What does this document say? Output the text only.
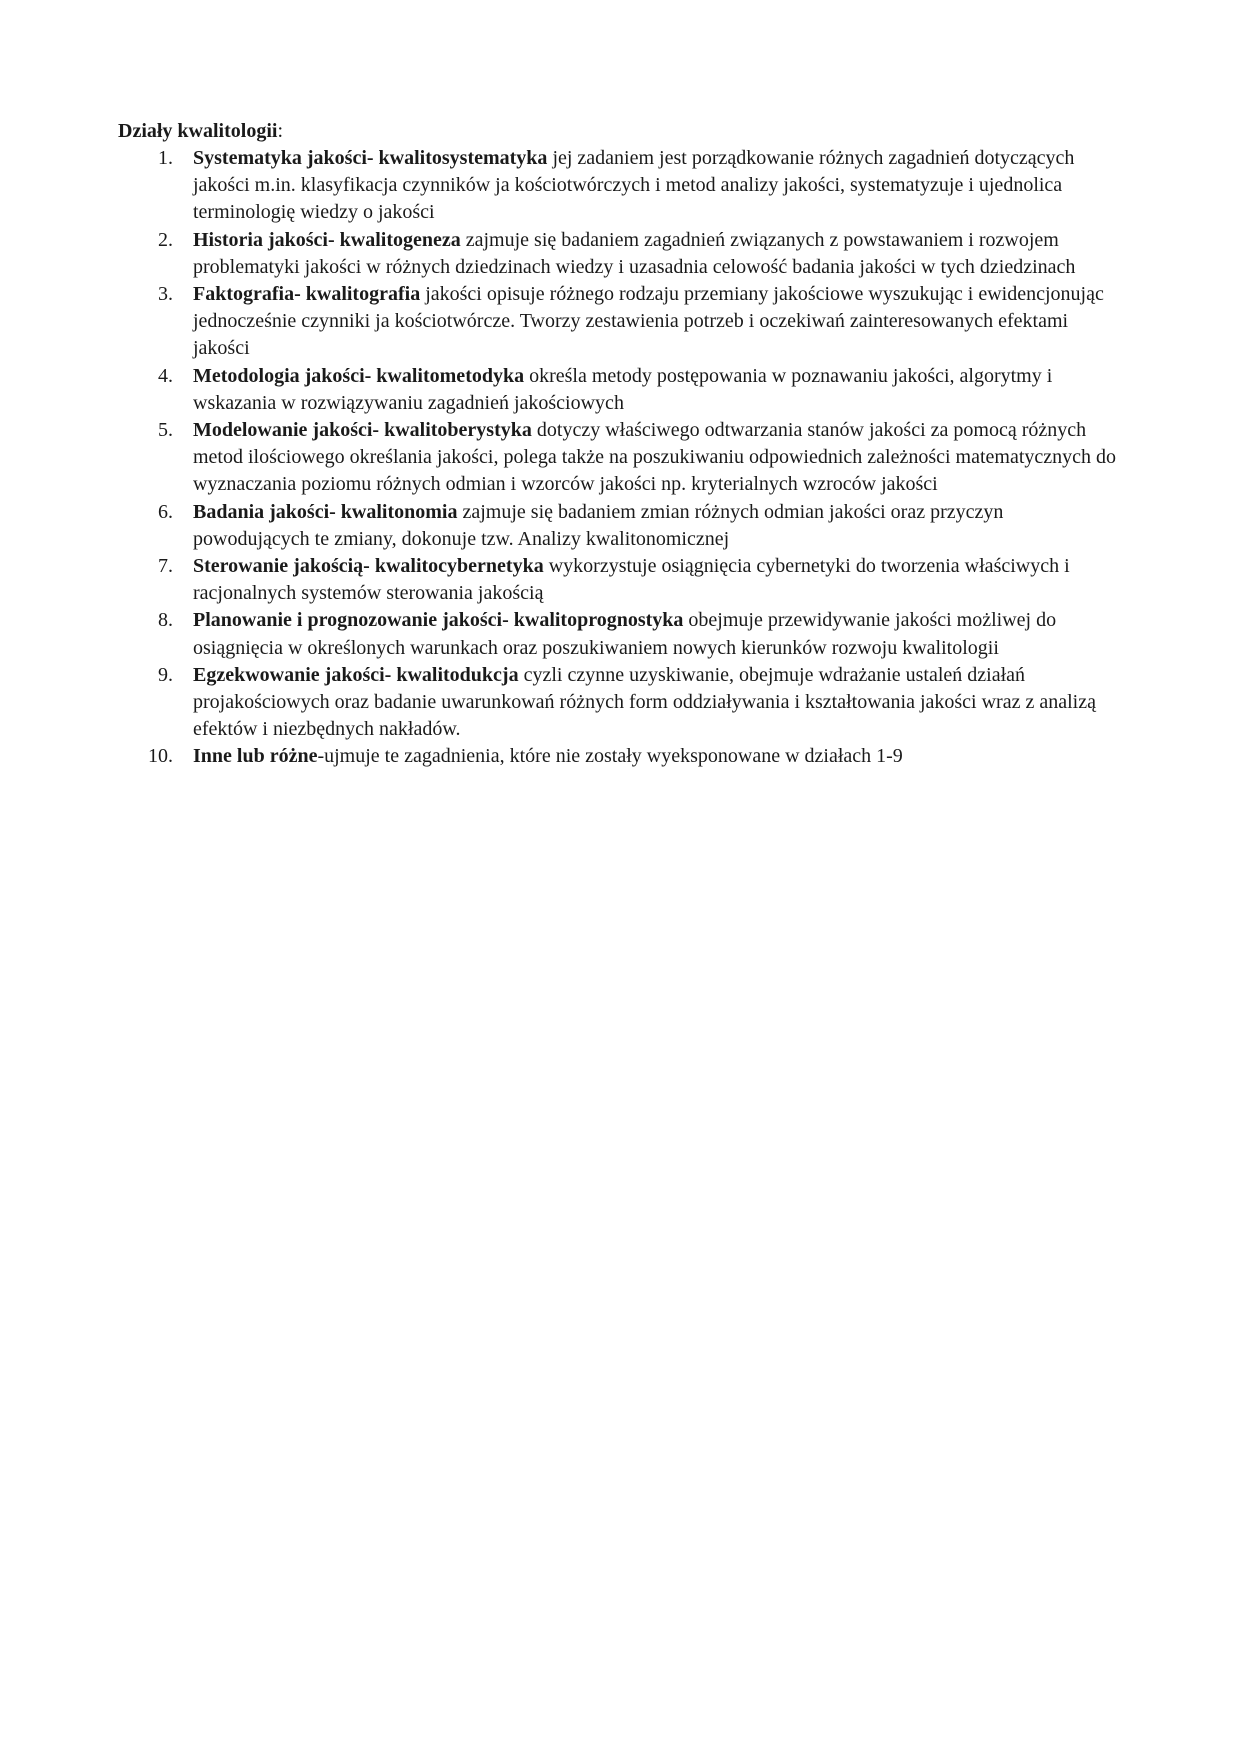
Działy kwalitologii:

1. Systematyka jakości- kwalitosystematyka jej zadaniem jest porządkowanie różnych zagadnień dotyczących jakości m.in. klasyfikacja czynników ja kościotwórczych i metod analizy jakości, systematyzuje i ujednolica terminologię wiedzy o jakości
2. Historia jakości- kwalitogeneza zajmuje się badaniem zagadnień związanych z powstawaniem i rozwojem problematyki jakości w różnych dziedzinach wiedzy i uzasadnia celowość badania jakości w tych dziedzinach
3. Faktografia- kwalitografia jakości opisuje różnego rodzaju przemiany jakościowe wyszukując i ewidencjonując jednocześnie czynniki ja kościotwórcze. Tworzy zestawienia potrzeb i oczekiwań zainteresowanych efektami jakości
4. Metodologia jakości- kwalitometodyka określa metody postępowania w poznawaniu jakości, algorytmy i wskazania w rozwiązywaniu zagadnień jakościowych
5. Modelowanie jakości- kwalitoberystyka dotyczy właściwego odtwarzania stanów jakości za pomocą różnych metod ilościowego określania jakości, polega także na poszukiwaniu odpowiednich zależności matematycznych do wyznaczania poziomu różnych odmian i wzorców jakości np. kryterialnych wzroców jakości
6. Badania jakości- kwalitonomia zajmuje się badaniem zmian różnych odmian jakości oraz przyczyn powodujących te zmiany, dokonuje tzw. Analizy kwalitonomicznej
7. Sterowanie jakością- kwalitocybernetyka wykorzystuje osiągnięcia cybernetyki do tworzenia właściwych i racjonalnych systemów sterowania jakością
8. Planowanie i prognozowanie jakości- kwalitoprognostyka obejmuje przewidywanie jakości możliwej do osiągnięcia w określonych warunkach oraz poszukiwaniem nowych kierunków rozwoju kwalitologii
9. Egzekwowanie jakości- kwalitodukcja cyzli czynne uzyskiwanie, obejmuje wdrażanie ustaleń działań projakościowych oraz badanie uwarunkowań różnych form oddziaływania i kształtowania jakości wraz z analizą efektów i niezbędnych nakładów.
10. Inne lub różne-ujmuje te zagadnienia, które nie zostały wyeksponowane w działach 1-9
